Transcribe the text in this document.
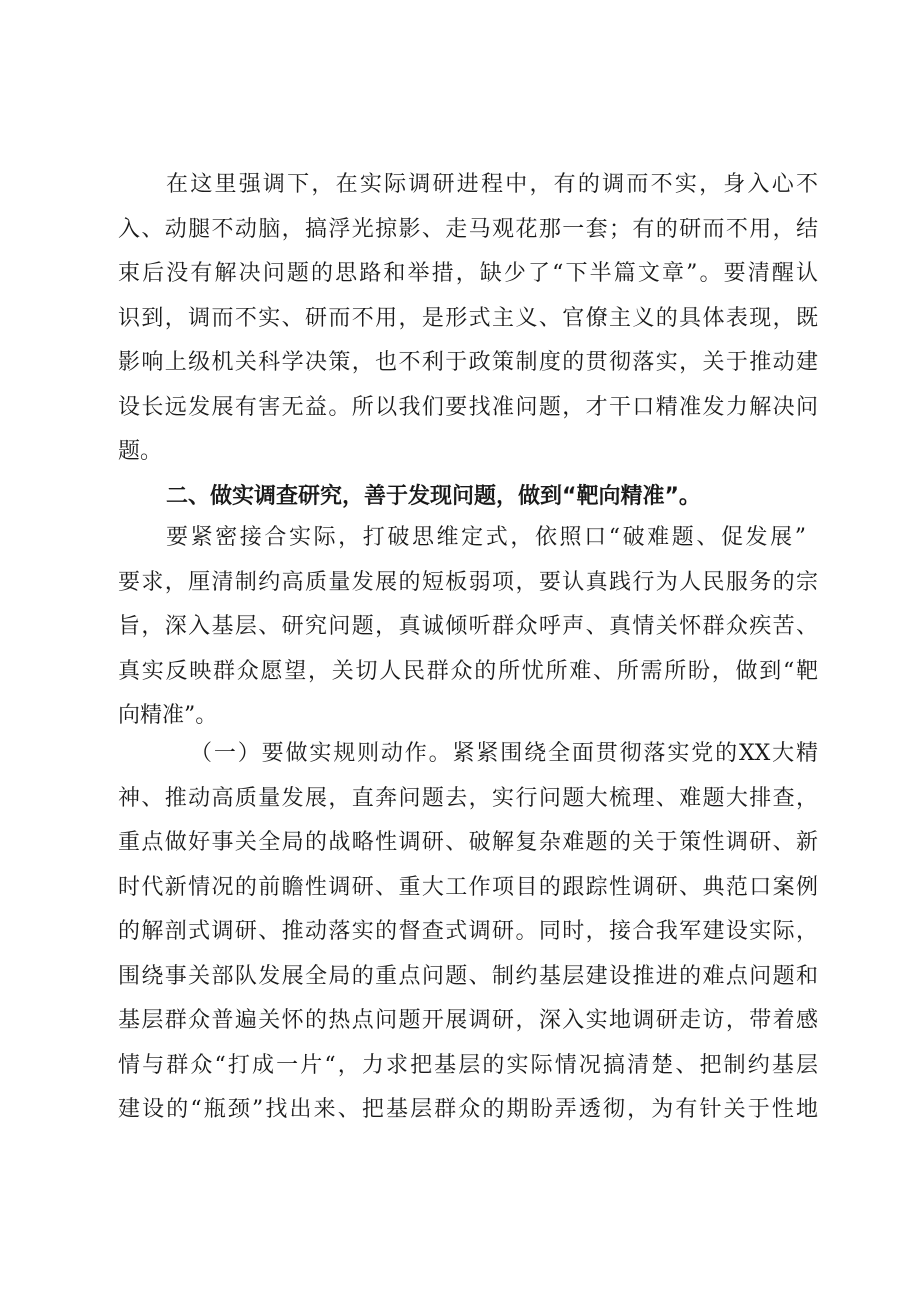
在这里强调下，在实际调研进程中，有的调而不实，身入心不
入、动腿不动脑，搞浮光掠影、走马观花那一套；有的研而不用，结
束后没有解决问题的思路和举措，缺少了“下半篇文章”。要清醒认
识到，调而不实、研而不用，是形式主义、官僚主义的具体表现，既
影响上级机关科学决策，也不利于政策制度的贯彻落实，关于推动建
设长远发展有害无益。所以我们要找准问题，才干口精准发力解决问
题。
二、做实调查研究，善于发现问题，做到“靶向精准”。
要紧密接合实际，打破思维定式，依照口“破难题、促发展”
要求，厘清制约高质量发展的短板弱项，要认真践行为人民服务的宗
旨，深入基层、研究问题，真诚倾听群众呼声、真情关怀群众疾苦、
真实反映群众愿望，关切人民群众的所忧所难、所需所盼，做到“靶
向精准”。
（一）要做实规则动作。紧紧围绕全面贯彻落实党的XX大精
神、推动高质量发展，直奔问题去，实行问题大梳理、难题大排查，
重点做好事关全局的战略性调研、破解复杂难题的关于策性调研、新
时代新情况的前瞻性调研、重大工作项目的跟踪性调研、典范口案例
的解剖式调研、推动落实的督查式调研。同时，接合我军建设实际，
围绕事关部队发展全局的重点问题、制约基层建设推进的难点问题和
基层群众普遍关怀的热点问题开展调研，深入实地调研走访，带着感
情与群众“打成一片“，力求把基层的实际情况搞清楚、把制约基层
建设的“瓶颈”找出来、把基层群众的期盼弄透彻，为有针关于性地
